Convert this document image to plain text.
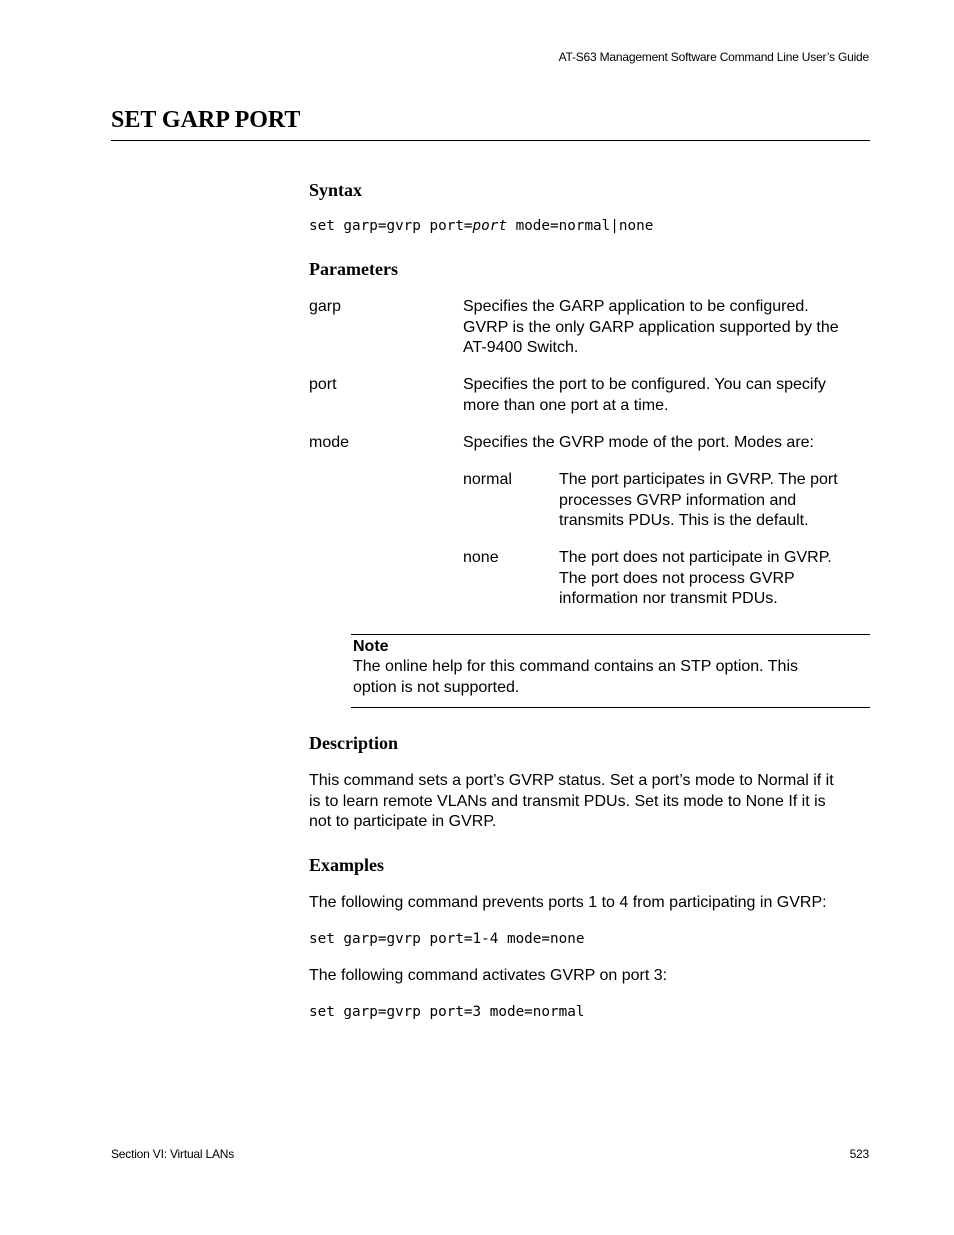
AT-S63 Management Software Command Line User’s Guide
SET GARP PORT
Syntax
set garp=gvrp port=port mode=normal|none
Parameters
garp	Specifies the GARP application to be configured.
GVRP is the only GARP application supported by the
AT-9400 Switch.
port	Specifies the port to be configured. You can specify
more than one port at a time.
mode	Specifies the GVRP mode of the port. Modes are:
normal	The port participates in GVRP. The port
processes GVRP information and
transmits PDUs. This is the default.
none	The port does not participate in GVRP.
The port does not process GVRP
information nor transmit PDUs.
Note
The online help for this command contains an STP option. This
option is not supported.
Description
This command sets a port’s GVRP status. Set a port’s mode to Normal if it
is to learn remote VLANs and transmit PDUs. Set its mode to None If it is
not to participate in GVRP.
Examples
The following command prevents ports 1 to 4 from participating in GVRP:
set garp=gvrp port=1-4 mode=none
The following command activates GVRP on port 3:
set garp=gvrp port=3 mode=normal
Section VI: Virtual LANs	523
